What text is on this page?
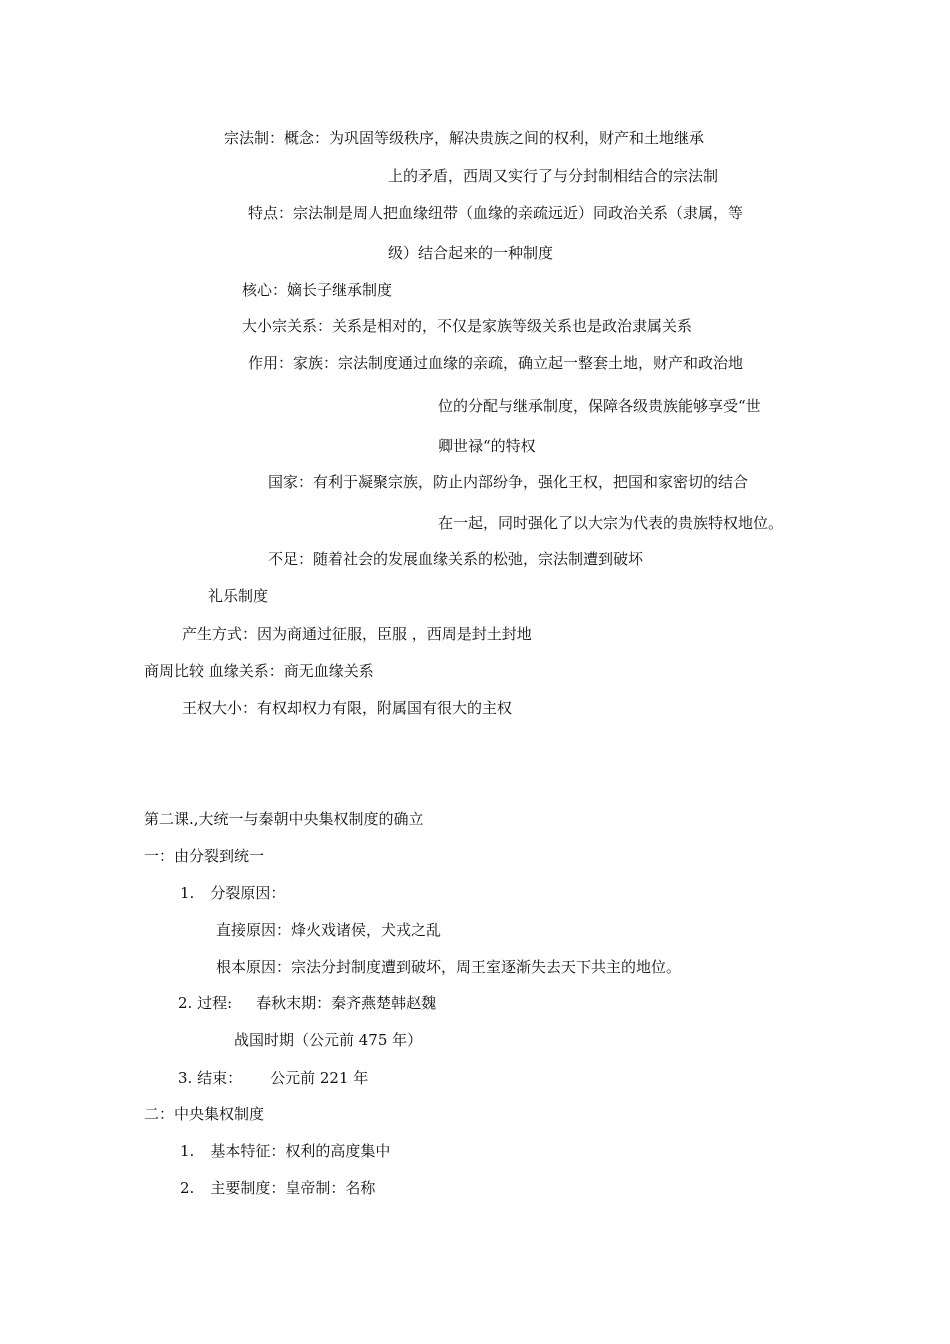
宗法制：概念：为巩固等级秩序，解决贵族之间的权利，财产和土地继承
上的矛盾，西周又实行了与分封制相结合的宗法制
特点：宗法制是周人把血缘纽带（血缘的亲疏远近）同政治关系（隶属，等
级）结合起来的一种制度
核心：嫡长子继承制度
大小宗关系：关系是相对的，不仅是家族等级关系也是政治隶属关系
作用：家族：宗法制度通过血缘的亲疏，确立起一整套土地，财产和政治地
位的分配与继承制度，保障各级贵族能够享受“世
卿世禄“的特权
国家：有利于凝聚宗族，防止内部纷争，强化王权，把国和家密切的结合
在一起，同时强化了以大宗为代表的贵族特权地位。
不足：随着社会的发展血缘关系的松弛，宗法制遭到破坏
礼乐制度
产生方式：因为商通过征服，臣服 ，西周是封土封地
商周比较 血缘关系：商无血缘关系
王权大小：有权却权力有限，附属国有很大的主权
第二课.,大统一与秦朝中央集权制度的确立
一：由分裂到统一
1. 分裂原因：
直接原因：烽火戏诸侯，犬戎之乱
根本原因：宗法分封制度遭到破坏，周王室逐渐失去天下共主的地位。
2. 过程: 春秋末期：秦齐燕楚韩赵魏
战国时期（公元前 475 年）
3. 结束： 公元前 221 年
二：中央集权制度
1. 基本特征：权利的高度集中
2. 主要制度：皇帝制：名称
